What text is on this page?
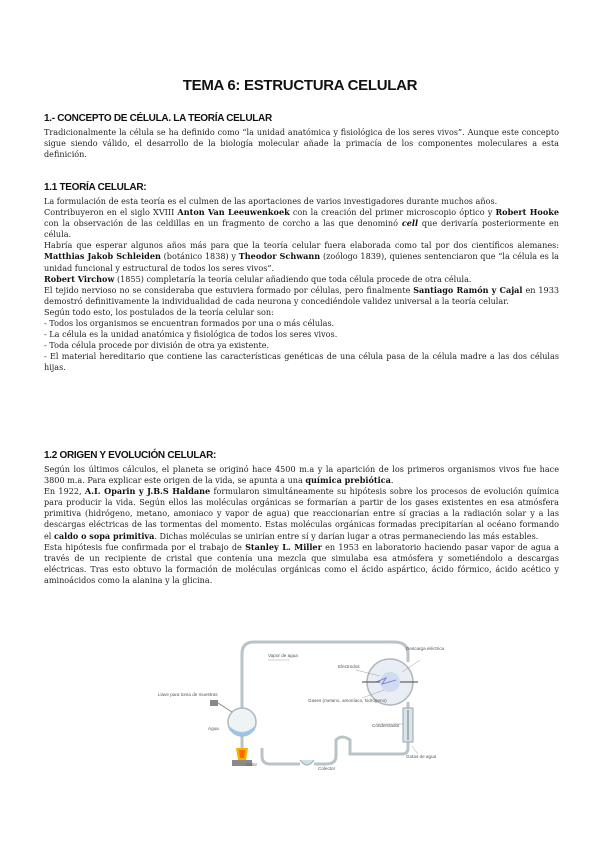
TEMA 6: ESTRUCTURA CELULAR
1.- CONCEPTO DE CÉLULA. LA TEORÍA CELULAR

Tradicionalmente la célula se ha definido como “la unidad anatómica y fisiológica de los seres vivos”. Aunque este concepto sigue siendo válido, el desarrollo de la biología molecular añade la primacía de los componentes moleculares a esta definición.

1.1 TEORÍA CELULAR:

La formulación de esta teoría es el culmen de las aportaciones de varios investigadores durante muchos años.

Contribuyeron en el siglo XVIII Anton Van Leeuwenkoek con la creación del primer microscopio óptico y Robert Hooke con la observación de las celdillas en un fragmento de corcho a las que denominó cell que derivaría posteriormente en célula.

Habría que esperar algunos años más para que la teoría celular fuera elaborada como tal por dos científicos alemanes: Matthias Jakob Schleiden (botánico 1838) y Theodor Schwann (zoólogo 1839), quienes sentenciaron que “la célula es la unidad funcional y estructural de todos los seres vivos”.

Robert Virchow (1855) completaría la teoría celular añadiendo que toda célula procede de otra célula.

El tejido nervioso no se consideraba que estuviera formado por células, pero finalmente Santiago Ramón y Cajal en 1933 demostró definitivamente la individualidad de cada neurona y concediéndole validez universal a la teoría celular.

Según todo esto, los postulados de la teoría celular son:

- Todos los organismos se encuentran formados por una o más células.

- La célula es la unidad anatómica y fisiológica de todos los seres vivos.

- Toda célula procede por división de otra ya existente.

- El material hereditario que contiene las características genéticas de una célula pasa de la célula madre a las dos células hijas.

1.2 ORIGEN Y EVOLUCIÓN CELULAR:

Según los últimos cálculos, el planeta se originó hace 4500 m.a y la aparición de los primeros organismos vivos fue hace 3800 m.a. Para explicar este origen de la vida, se apunta a una química prebiótica.

En 1922, A.I. Oparin y J.B.S Haldane formularon simultáneamente su hipótesis sobre los procesos de evolución química para producir la vida. Según ellos las moléculas orgánicas se formarían a partir de los gases existentes en esa atmósfera primitiva (hidrógeno, metano, amoniaco y vapor de agua) que reaccionarían entre sí gracias a la radiación solar y a las descargas eléctricas de las tormentas del momento. Estas moléculas orgánicas formadas precipitarían al océano formando el caldo o sopa primitiva. Dichas moléculas se unirían entre sí y darían lugar a otras permaneciendo las más estables.

Esta hipótesis fue confirmada por el trabajo de Stanley L. Miller en 1953 en laboratorio haciendo pasar vapor de agua a través de un recipiente de cristal que contenía una mezcla que simulaba esa atmósfera y sometiéndolo a descargas eléctricas. Tras esto obtuvo la formación de moléculas orgánicas como el ácido aspártico, ácido fórmico, ácido acético y aminoácidos como la alanina y la glicina.

Vapor de agua
Electrodos
Descarga eléctrica
Gases (metano, amoníaco, hidrógeno)
Condensador
Llave para toma de muestras
Agua
Calor
Colector
Gotas de agua
